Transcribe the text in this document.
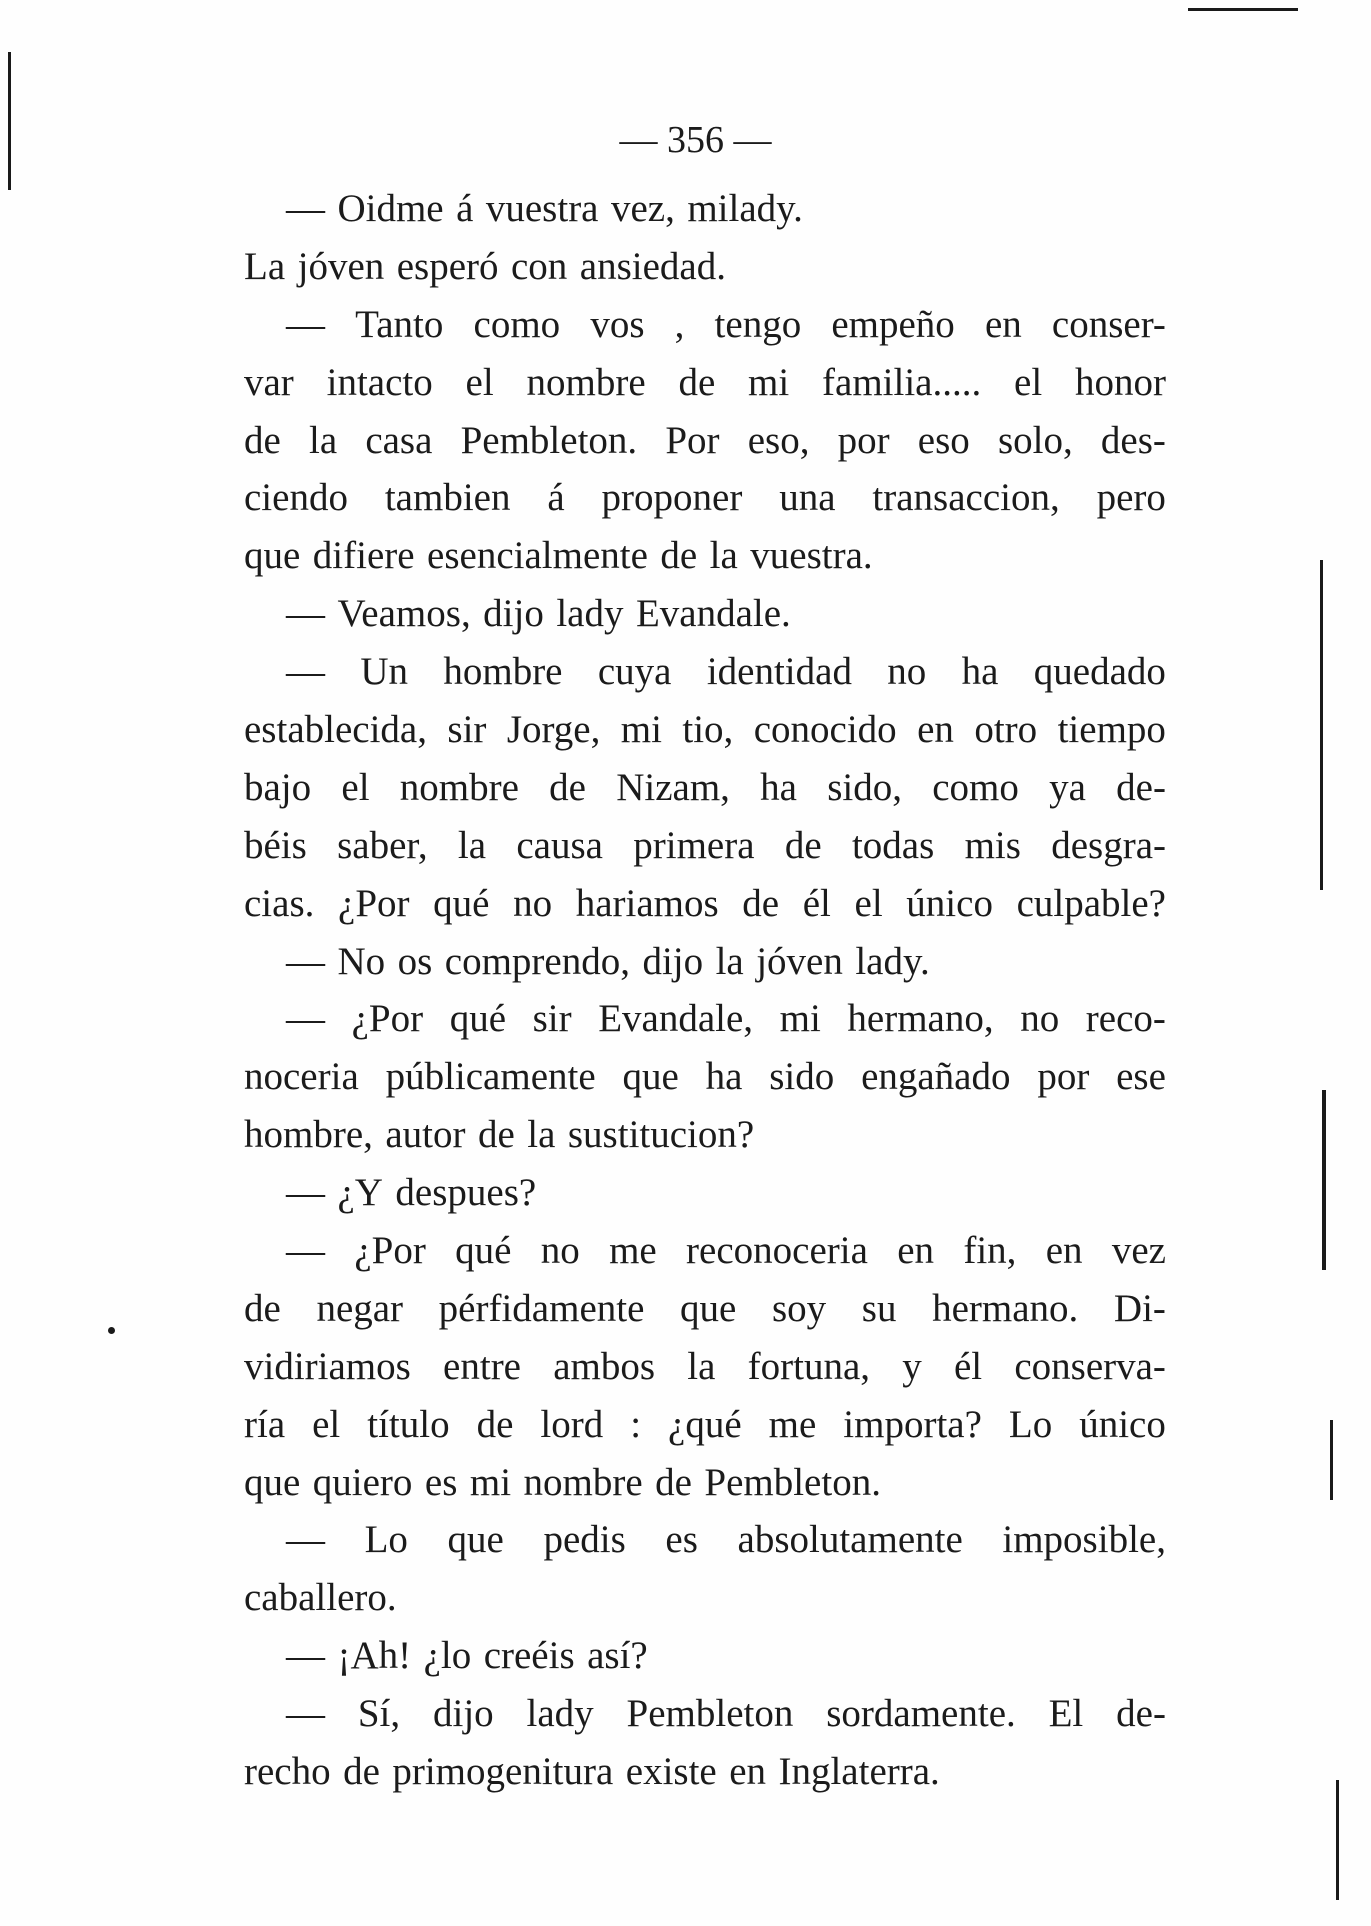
— 356 —
— Oidme á vuestra vez, milady.
La jóven esperó con ansiedad.
— Tanto como vos , tengo empeño en conser-
var intacto el nombre de mi familia..... el honor
de la casa Pembleton. Por eso, por eso solo, des-
ciendo tambien á proponer una transaccion, pero
que difiere esencialmente de la vuestra.
— Veamos, dijo lady Evandale.
— Un hombre cuya identidad no ha quedado
establecida, sir Jorge, mi tio, conocido en otro tiempo
bajo el nombre de Nizam, ha sido, como ya de-
béis saber, la causa primera de todas mis desgra-
cias. ¿Por qué no hariamos de él el único culpable?
— No os comprendo, dijo la jóven lady.
— ¿Por qué sir Evandale, mi hermano, no reco-
noceria públicamente que ha sido engañado por ese
hombre, autor de la sustitucion?
— ¿Y despues?
— ¿Por qué no me reconoceria en fin, en vez
de negar pérfidamente que soy su hermano. Di-
vidiriamos entre ambos la fortuna, y él conserva-
ría el título de lord : ¿qué me importa? Lo único
que quiero es mi nombre de Pembleton.
— Lo que pedis es absolutamente imposible,
caballero.
— ¡Ah! ¿lo creéis así?
— Sí, dijo lady Pembleton sordamente. El de-
recho de primogenitura existe en Inglaterra.
